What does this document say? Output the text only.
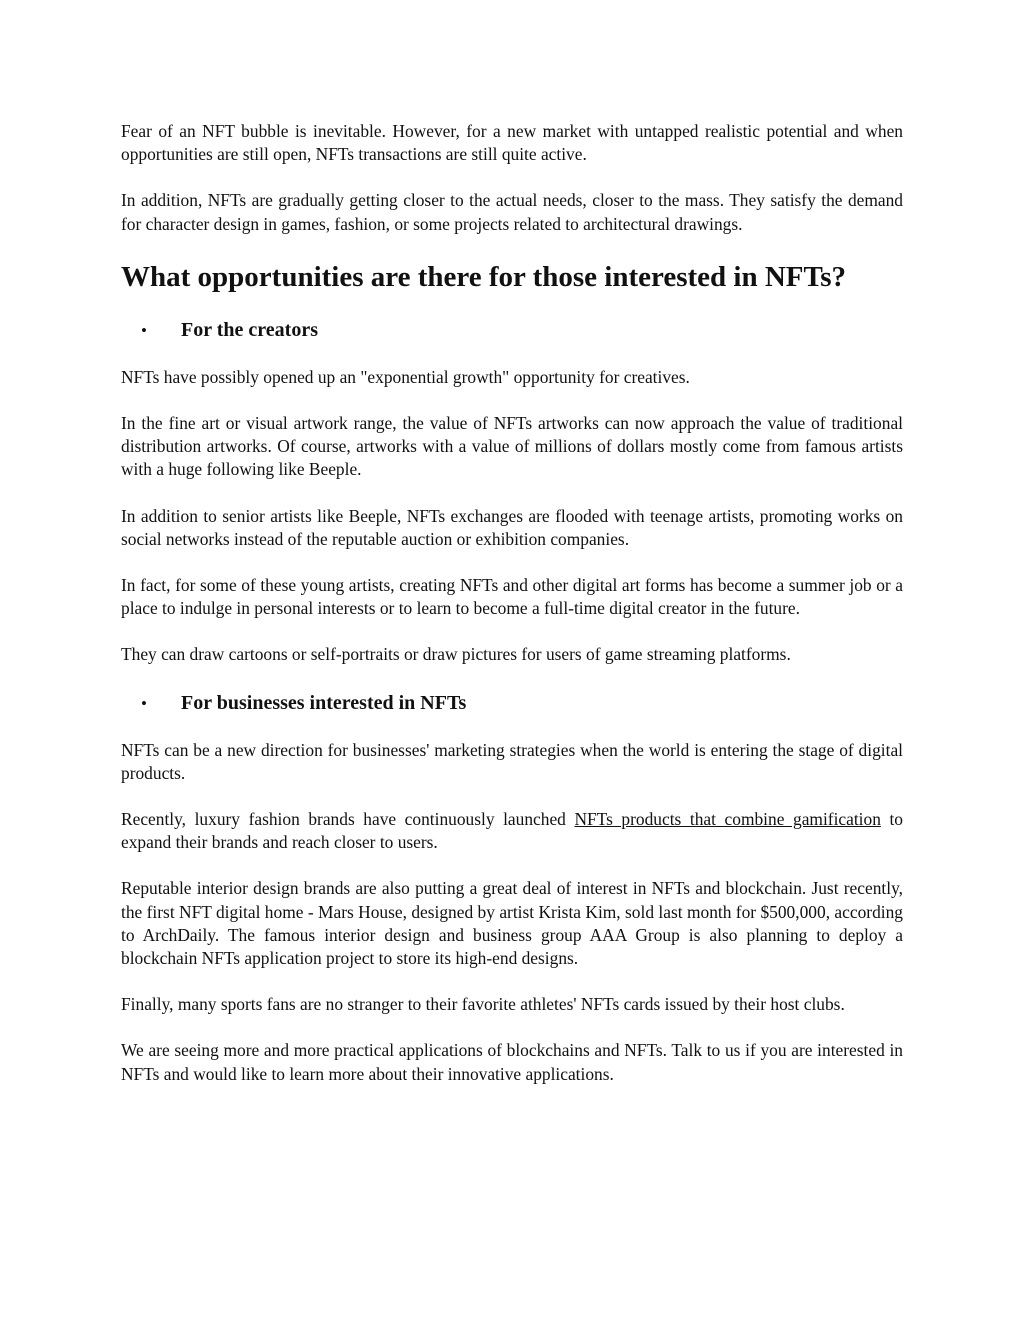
Fear of an NFT bubble is inevitable. However, for a new market with untapped realistic potential and when opportunities are still open, NFTs transactions are still quite active.

In addition, NFTs are gradually getting closer to the actual needs, closer to the mass. They satisfy the demand for character design in games, fashion, or some projects related to architectural drawings.

What opportunities are there for those interested in NFTs?
•	For the creators

NFTs have possibly opened up an "exponential growth" opportunity for creatives.

In the fine art or visual artwork range, the value of NFTs artworks can now approach the value of traditional distribution artworks. Of course, artworks with a value of millions of dollars mostly come from famous artists with a huge following like Beeple.

In addition to senior artists like Beeple, NFTs exchanges are flooded with teenage artists, promoting works on social networks instead of the reputable auction or exhibition companies.

In fact, for some of these young artists, creating NFTs and other digital art forms has become a summer job or a place to indulge in personal interests or to learn to become a full-time digital creator in the future.

They can draw cartoons or self-portraits or draw pictures for users of game streaming platforms.

•	For businesses interested in NFTs

NFTs can be a new direction for businesses' marketing strategies when the world is entering the stage of digital products.

Recently, luxury fashion brands have continuously launched NFTs products that combine gamification to expand their brands and reach closer to users.

Reputable interior design brands are also putting a great deal of interest in NFTs and blockchain. Just recently, the first NFT digital home - Mars House, designed by artist Krista Kim, sold last month for $500,000, according to ArchDaily. The famous interior design and business group AAA Group is also planning to deploy a blockchain NFTs application project to store its high-end designs.

Finally, many sports fans are no stranger to their favorite athletes' NFTs cards issued by their host clubs.

We are seeing more and more practical applications of blockchains and NFTs. Talk to us if you are interested in NFTs and would like to learn more about their innovative applications.
